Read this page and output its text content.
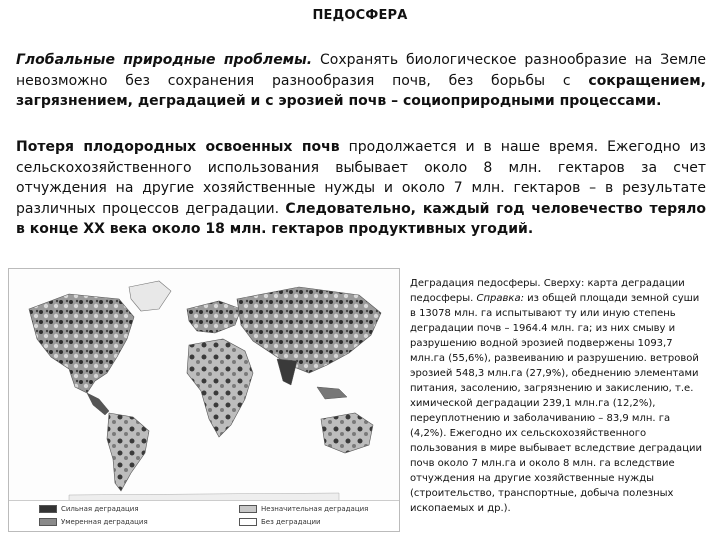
ПЕДОСФЕРА
Глобальные природные проблемы. Сохранять биологическое разнообразие на Земле невозможно без сохранения разнообразия почв, без борьбы с сокращением, загрязнением, деградацией и с эрозией почв – социоприродными процессами.
Потеря плодородных освоенных почв продолжается и в наше время. Ежегодно из сельскохозяйственного использования выбывает около 8 млн. гектаров за счет отчуждения на другие хозяйственные нужды и около 7 млн. гектаров – в результате различных процессов деградации. Следовательно, каждый год человечество теряло в конце XX века около 18 млн. гектаров продуктивных угодий.
Сильная деградация
Умеренная деградация
Незначительная деградация
Без деградации
Деградация педосферы. Сверху: карта деградации педосферы. Справка: из общей площади земной суши в 13078 млн. га испытывают ту или иную степень деградации почв – 1964.4 млн. га; из них смыву и разрушению водной эрозией подвержены 1093,7 млн.га (55,6%), развеиванию и разрушению. ветровой эрозией 548,3 млн.га (27,9%), обеднению элементами питания, засолению, загрязнению и закислению, т.е. химической деградации 239,1 млн.га (12,2%), переуплотнению и заболачиванию – 83,9 млн. га (4,2%). Ежегодно их сельскохозяйственного пользования в мире выбывает вследствие деградации почв около 7 млн.га и около 8 млн. га вследствие отчуждения на другие хозяйственные нужды (строительство, транспортные, добыча полезных ископаемых и др.).
